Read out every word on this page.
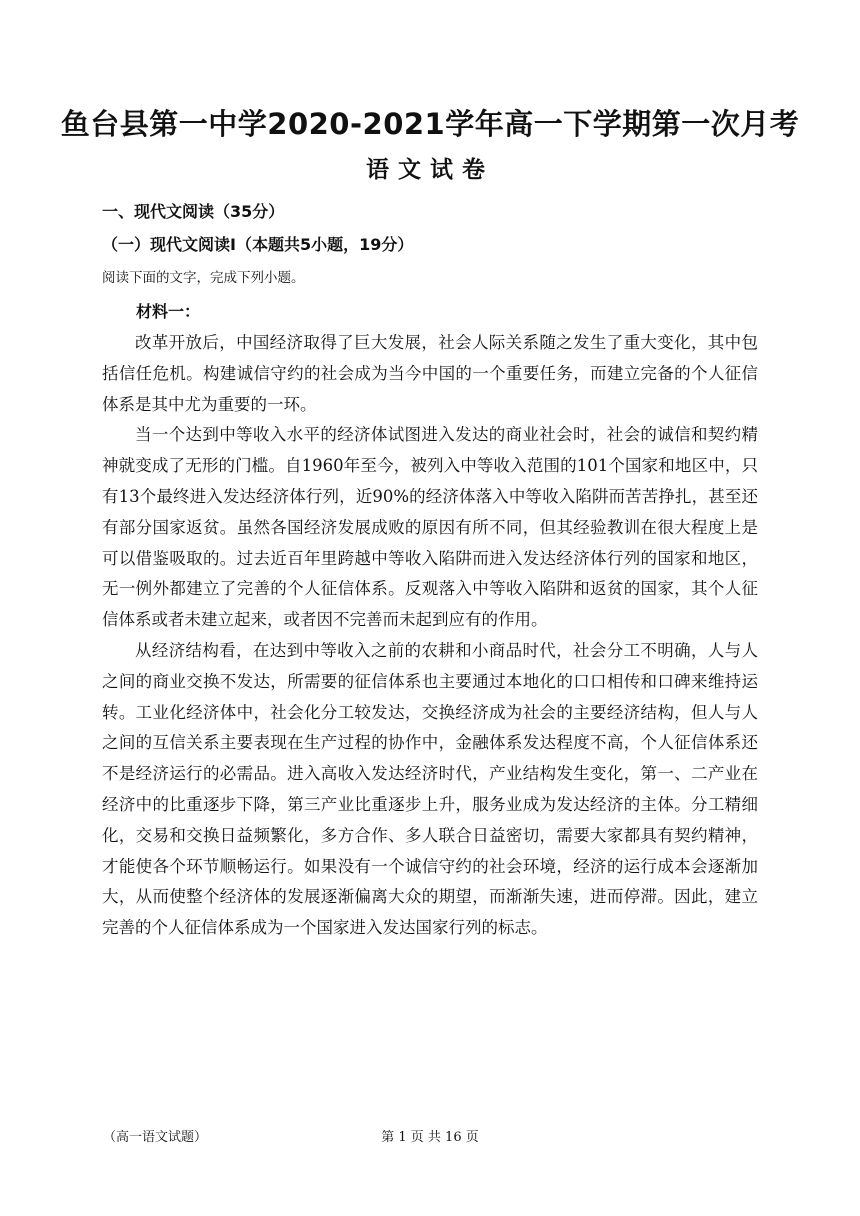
鱼台县第一中学2020-2021学年高一下学期第一次月考
语文试卷
一、现代文阅读（35分）
（一）现代文阅读Ⅰ（本题共5小题，19分）
阅读下面的文字，完成下列小题。
材料一：

改革开放后，中国经济取得了巨大发展，社会人际关系随之发生了重大变化，其中包括信任危机。构建诚信守约的社会成为当今中国的一个重要任务，而建立完备的个人征信体系是其中尤为重要的一环。

当一个达到中等收入水平的经济体试图进入发达的商业社会时，社会的诚信和契约精神就变成了无形的门槛。自1960年至今，被列入中等收入范围的101个国家和地区中，只有13个最终进入发达经济体行列，近90%的经济体落入中等收入陷阱而苦苦挣扎，甚至还有部分国家返贫。虽然各国经济发展成败的原因有所不同，但其经验教训在很大程度上是可以借鉴吸取的。过去近百年里跨越中等收入陷阱而进入发达经济体行列的国家和地区，无一例外都建立了完善的个人征信体系。反观落入中等收入陷阱和返贫的国家，其个人征信体系或者未建立起来，或者因不完善而未起到应有的作用。

从经济结构看，在达到中等收入之前的农耕和小商品时代，社会分工不明确，人与人之间的商业交换不发达，所需要的征信体系也主要通过本地化的口口相传和口碑来维持运转。工业化经济体中，社会化分工较发达，交换经济成为社会的主要经济结构，但人与人之间的互信关系主要表现在生产过程的协作中，金融体系发达程度不高，个人征信体系还不是经济运行的必需品。进入高收入发达经济时代，产业结构发生变化，第一、二产业在经济中的比重逐步下降，第三产业比重逐步上升，服务业成为发达经济的主体。分工精细化，交易和交换日益频繁化，多方合作、多人联合日益密切，需要大家都具有契约精神，才能使各个环节顺畅运行。如果没有一个诚信守约的社会环境，经济的运行成本会逐渐加大，从而使整个经济体的发展逐渐偏离大众的期望，而渐渐失速，进而停滞。因此，建立完善的个人征信体系成为一个国家进入发达国家行列的标志。

（高一语文试题）	第 1 页 共 16 页
